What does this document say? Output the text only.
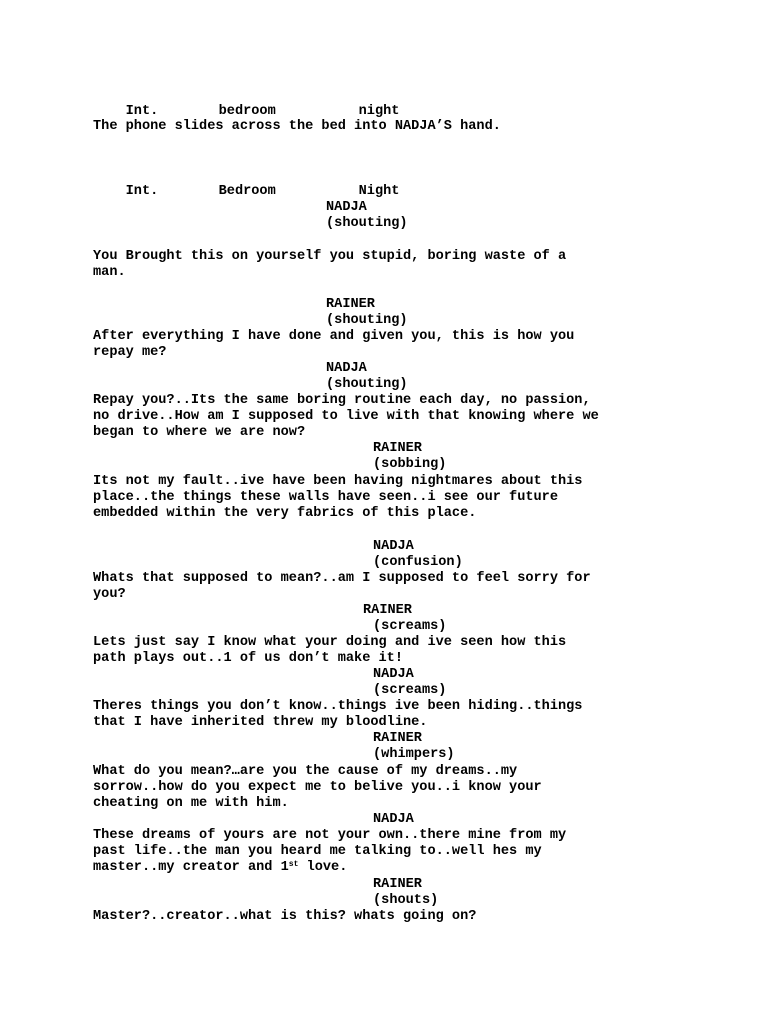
Int.	bedroom	night

The phone slides across the bed into NADJA’S hand.

Int.	Bedroom	Night

NADJA
(shouting)
You Brought this on yourself you stupid, boring waste of a
man.
RAINER
(shouting)
After everything I have done and given you, this is how you
repay me?
NADJA
(shouting)
Repay you?..Its the same boring routine each day, no passion,
no drive..How am I supposed to live with that knowing where we
began to where we are now?
RAINER
(sobbing)
Its not my fault..ive have been having nightmares about this
place..the things these walls have seen..i see our future
embedded within the very fabrics of this place.
NADJA
(confusion)
Whats that supposed to mean?..am I supposed to feel sorry for
you?
RAINER
(screams)
Lets just say I know what your doing and ive seen how this
path plays out..1 of us don’t make it!
NADJA
(screams)
Theres things you don’t know..things ive been hiding..things
that I have inherited threw my bloodline.
RAINER
(whimpers)
What do you mean?…are you the cause of my dreams..my
sorrow..how do you expect me to belive you..i know your
cheating on me with him.
NADJA
These dreams of yours are not your own..there mine from my
past life..the man you heard me talking to..well hes my
master..my creator and 1st love.
RAINER
(shouts)
Master?..creator..what is this? whats going on?
